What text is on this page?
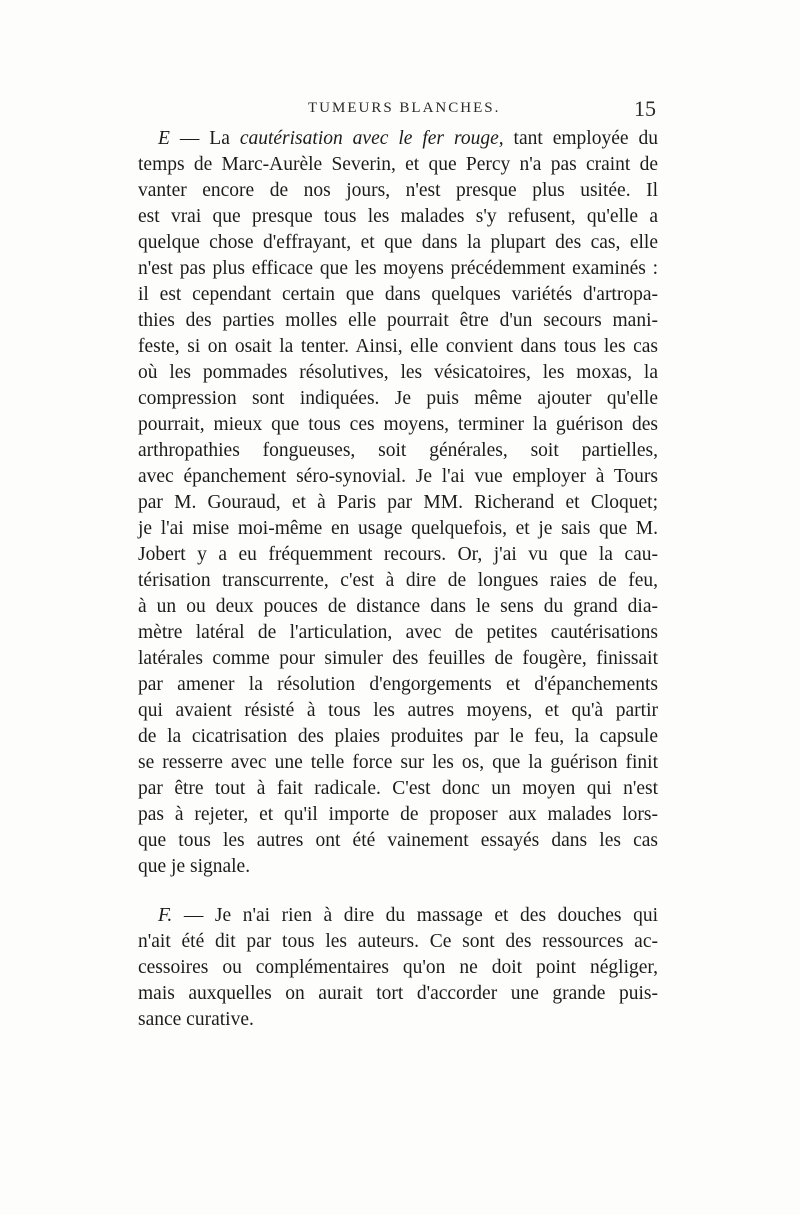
TUMEURS BLANCHES.	15
E — La cautérisation avec le fer rouge, tant employée du
temps de Marc-Aurèle Severin, et que Percy n'a pas craint de
vanter encore de nos jours, n'est presque plus usitée. Il
est vrai que presque tous les malades s'y refusent, qu'elle a
quelque chose d'effrayant, et que dans la plupart des cas, elle
n'est pas plus efficace que les moyens précédemment examinés :
il est cependant certain que dans quelques variétés d'artropa-
thies des parties molles elle pourrait être d'un secours mani-
feste, si on osait la tenter. Ainsi, elle convient dans tous les cas
où les pommades résolutives, les vésicatoires, les moxas, la
compression sont indiquées. Je puis même ajouter qu'elle
pourrait, mieux que tous ces moyens, terminer la guérison des
arthropathies fongueuses, soit générales, soit partielles,
avec épanchement séro-synovial. Je l'ai vue employer à Tours
par M. Gouraud, et à Paris par MM. Richerand et Cloquet;
je l'ai mise moi-même en usage quelquefois, et je sais que M.
Jobert y a eu fréquemment recours. Or, j'ai vu que la cau-
térisation transcurrente, c'est à dire de longues raies de feu,
à un ou deux pouces de distance dans le sens du grand dia-
mètre latéral de l'articulation, avec de petites cautérisations
latérales comme pour simuler des feuilles de fougère, finissait
par amener la résolution d'engorgements et d'épanchements
qui avaient résisté à tous les autres moyens, et qu'à partir
de la cicatrisation des plaies produites par le feu, la capsule
se resserre avec une telle force sur les os, que la guérison finit
par être tout à fait radicale. C'est donc un moyen qui n'est
pas à rejeter, et qu'il importe de proposer aux malades lors-
que tous les autres ont été vainement essayés dans les cas
que je signale.
F. — Je n'ai rien à dire du massage et des douches qui
n'ait été dit par tous les auteurs. Ce sont des ressources ac-
cessoires ou complémentaires qu'on ne doit point négliger,
mais auxquelles on aurait tort d'accorder une grande puis-
sance curative.
